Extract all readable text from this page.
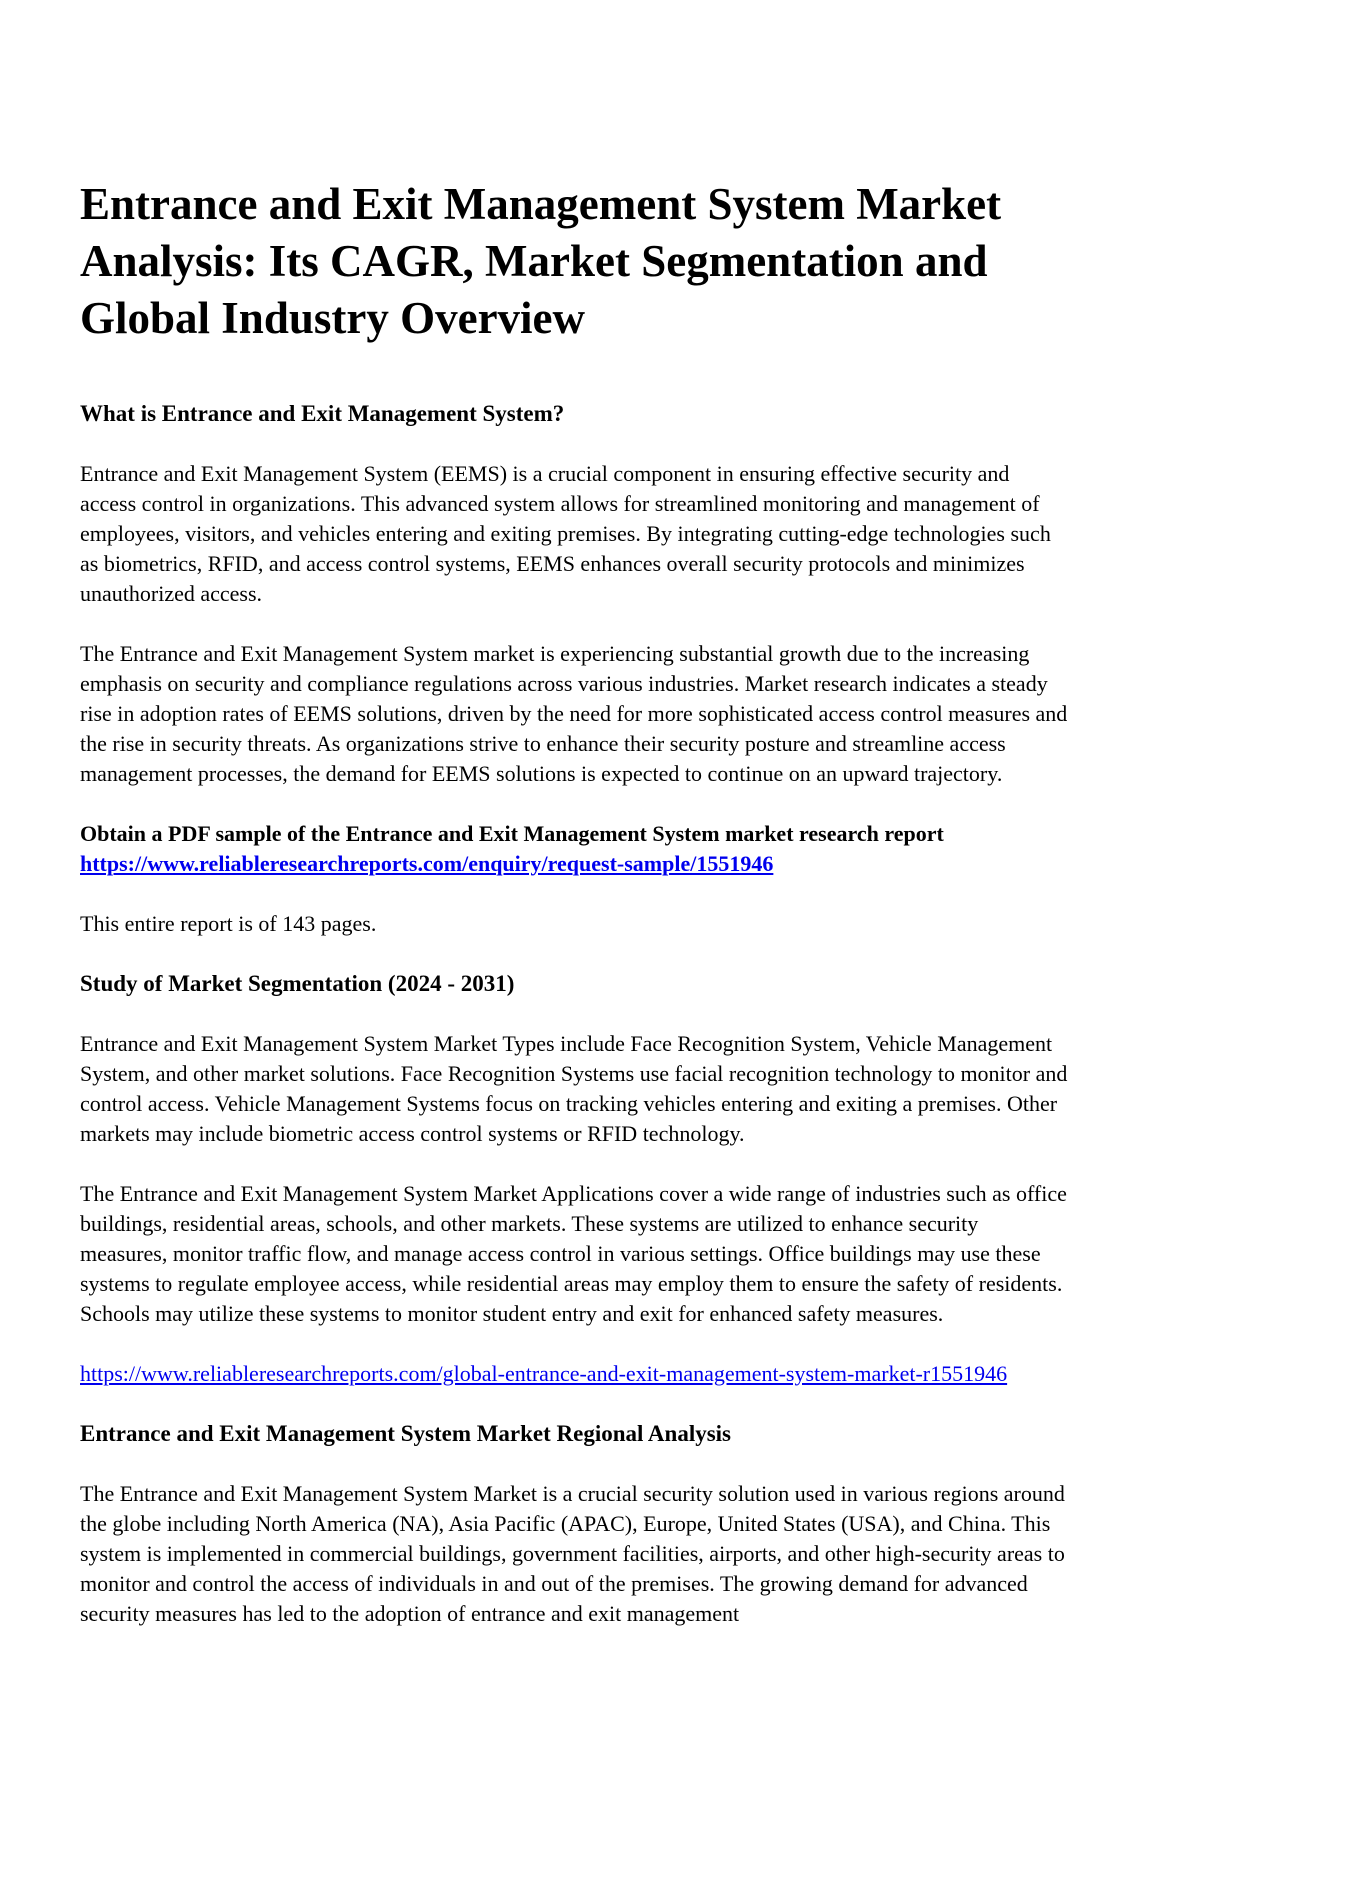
Entrance and Exit Management System Market Analysis: Its CAGR, Market Segmentation and Global Industry Overview
What is Entrance and Exit Management System?

Entrance and Exit Management System (EEMS) is a crucial component in ensuring effective security and access control in organizations. This advanced system allows for streamlined monitoring and management of employees, visitors, and vehicles entering and exiting premises. By integrating cutting-edge technologies such as biometrics, RFID, and access control systems, EEMS enhances overall security protocols and minimizes unauthorized access.

The Entrance and Exit Management System market is experiencing substantial growth due to the increasing emphasis on security and compliance regulations across various industries. Market research indicates a steady rise in adoption rates of EEMS solutions, driven by the need for more sophisticated access control measures and the rise in security threats. As organizations strive to enhance their security posture and streamline access management processes, the demand for EEMS solutions is expected to continue on an upward trajectory.

Obtain a PDF sample of the Entrance and Exit Management System market research report https://www.reliableresearchreports.com/enquiry/request-sample/1551946

This entire report is of 143 pages.

Study of Market Segmentation (2024 - 2031)

Entrance and Exit Management System Market Types include Face Recognition System, Vehicle Management System, and other market solutions. Face Recognition Systems use facial recognition technology to monitor and control access. Vehicle Management Systems focus on tracking vehicles entering and exiting a premises. Other markets may include biometric access control systems or RFID technology.

The Entrance and Exit Management System Market Applications cover a wide range of industries such as office buildings, residential areas, schools, and other markets. These systems are utilized to enhance security measures, monitor traffic flow, and manage access control in various settings. Office buildings may use these systems to regulate employee access, while residential areas may employ them to ensure the safety of residents. Schools may utilize these systems to monitor student entry and exit for enhanced safety measures.

https://www.reliableresearchreports.com/global-entrance-and-exit-management-system-market-r1551946

Entrance and Exit Management System Market Regional Analysis

The Entrance and Exit Management System Market is a crucial security solution used in various regions around the globe including North America (NA), Asia Pacific (APAC), Europe, United States (USA), and China. This system is implemented in commercial buildings, government facilities, airports, and other high-security areas to monitor and control the access of individuals in and out of the premises. The growing demand for advanced security measures has led to the adoption of entrance and exit management
